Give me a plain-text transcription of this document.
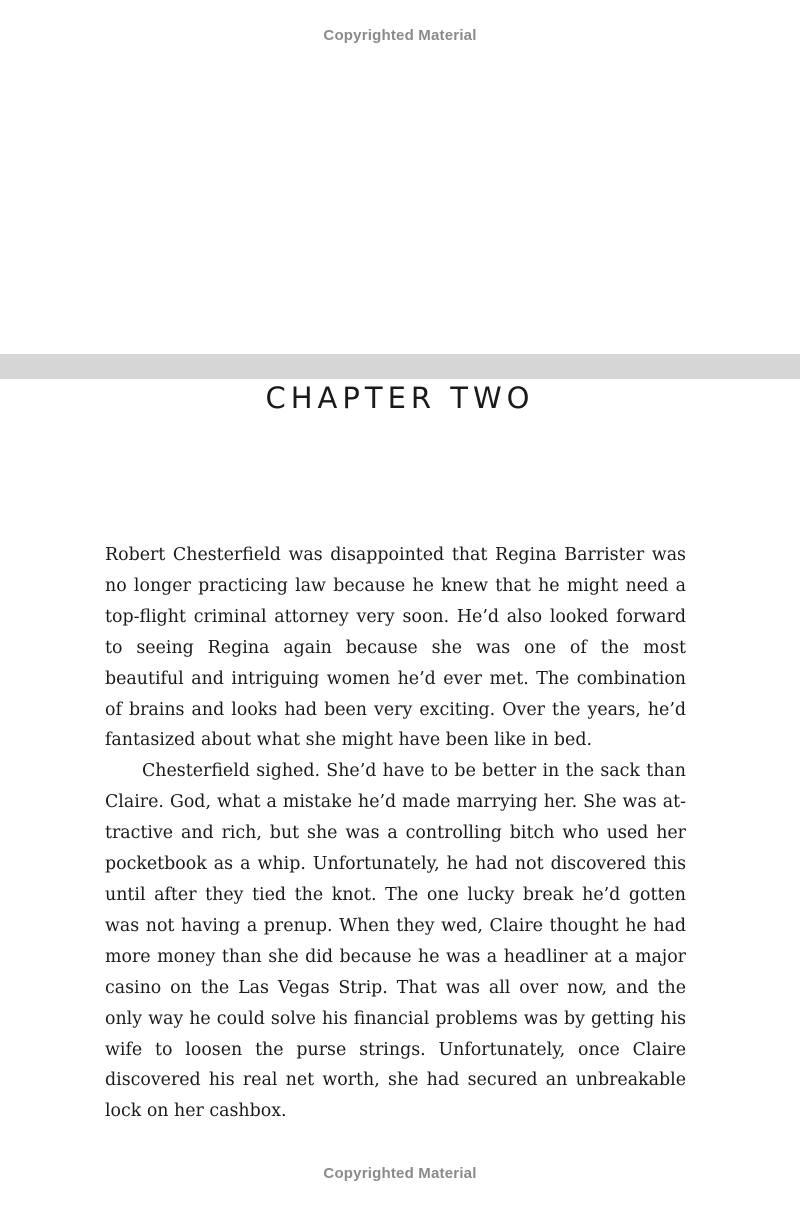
Copyrighted Material
CHAPTER TWO

Robert Chesterfield was disappointed that Regina Barrister was no longer practicing law because he knew that he might need a top-flight criminal attorney very soon. He’d also looked forward to seeing Regina again because she was one of the most beautiful and intriguing women he’d ever met. The combination of brains and looks had been very exciting. Over the years, he’d fantasized about what she might have been like in bed.

Chesterfield sighed. She’d have to be better in the sack than Claire. God, what a mistake he’d made marrying her. She was attractive and rich, but she was a controlling bitch who used her pocketbook as a whip. Unfortunately, he had not discovered this until after they tied the knot. The one lucky break he’d gotten was not having a prenup. When they wed, Claire thought he had more money than she did because he was a headliner at a major casino on the Las Vegas Strip. That was all over now, and the only way he could solve his financial problems was by getting his wife to loosen the purse strings. Unfortunately, once Claire discovered his real net worth, she had secured an unbreakable lock on her cashbox.

Copyrighted Material
